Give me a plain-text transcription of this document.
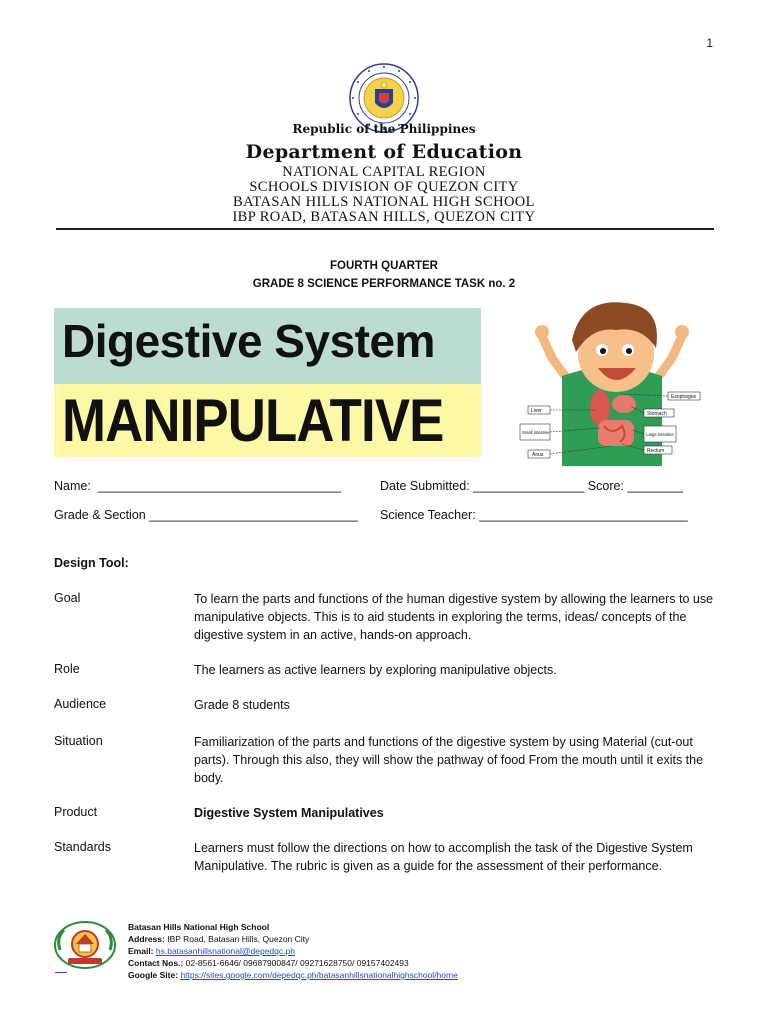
1
Republic of the Philippines
Department of Education
NATIONAL CAPITAL REGION
SCHOOLS DIVISION OF QUEZON CITY
BATASAN HILLS NATIONAL HIGH SCHOOL
IBP ROAD, BATASAN HILLS, QUEZON CITY
FOURTH QUARTER
GRADE 8 SCIENCE PERFORMANCE TASK no. 2
Digestive System
MANIPULATIVE	Esophagus
Liver	Stomach
Small Intestine	Large Intestine
Anus
Rectum
Name:  ___________________________________	Date Submitted: ________________ Score: ________
Grade & Section ______________________________ Science Teacher: ______________________________
Design Tool:
Goal	To learn the parts and functions of the human digestive system by allowing the learners to use manipulative objects. This is to aid students in exploring the terms, ideas/ concepts of the digestive system in an active, hands-on approach.
Role	The learners as active learners by exploring manipulative objects.
Audience	Grade 8 students
Situation	Familiarization of the parts and functions of the digestive system by using Material (cut-out parts). Through this also, they will show the pathway of food From the mouth until it exits the body.
Product	Digestive System Manipulatives
Standards	Learners must follow the directions on how to accomplish the task of the Digestive System Manipulative. The rubric is given as a guide for the assessment of their performance.
Batasan Hills National High School
Address: IBP Road, Batasan Hills, Quezon City
Email: hs.batasanhillsnational@depedqc.ph
Contact Nos.: 02-8561-6646/ 09687900847/ 09271628750/ 09157402493
Google Site: https://sites.google.com/depedqc.ph/batasanhillsnationalhighschool/home
